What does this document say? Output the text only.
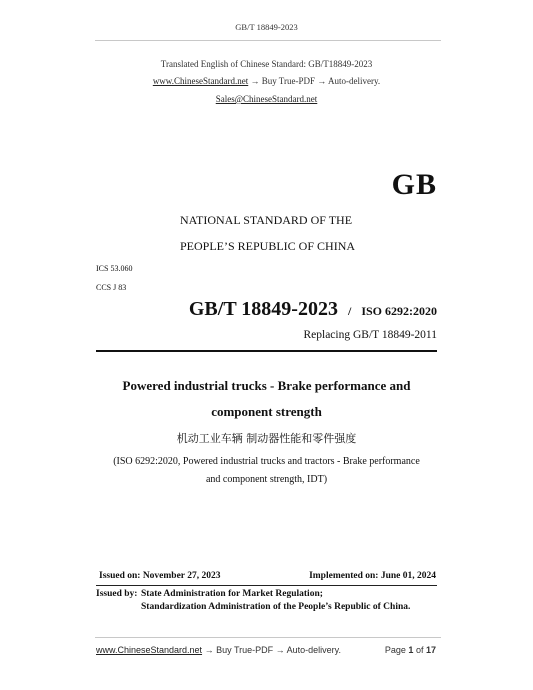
GB/T 18849-2023
Translated English of Chinese Standard: GB/T18849-2023
www.ChineseStandard.net → Buy True-PDF → Auto-delivery.
Sales@ChineseStandard.net
GB
NATIONAL STANDARD OF THE
PEOPLE’S REPUBLIC OF CHINA
ICS 53.060
CCS J 83
GB/T 18849-2023 / ISO 6292:2020
Replacing GB/T 18849-2011
Powered industrial trucks - Brake performance and
component strength
机动工业车辆 制动器性能和零件强度
(ISO 6292:2020, Powered industrial trucks and tractors - Brake performance
and component strength, IDT)
Issued on: November 27, 2023	Implemented on: June 01, 2024
Issued by: State Administration for Market Regulation;
Standardization Administration of the People’s Republic of China.
www.ChineseStandard.net → Buy True-PDF → Auto-delivery.	Page 1 of 17
